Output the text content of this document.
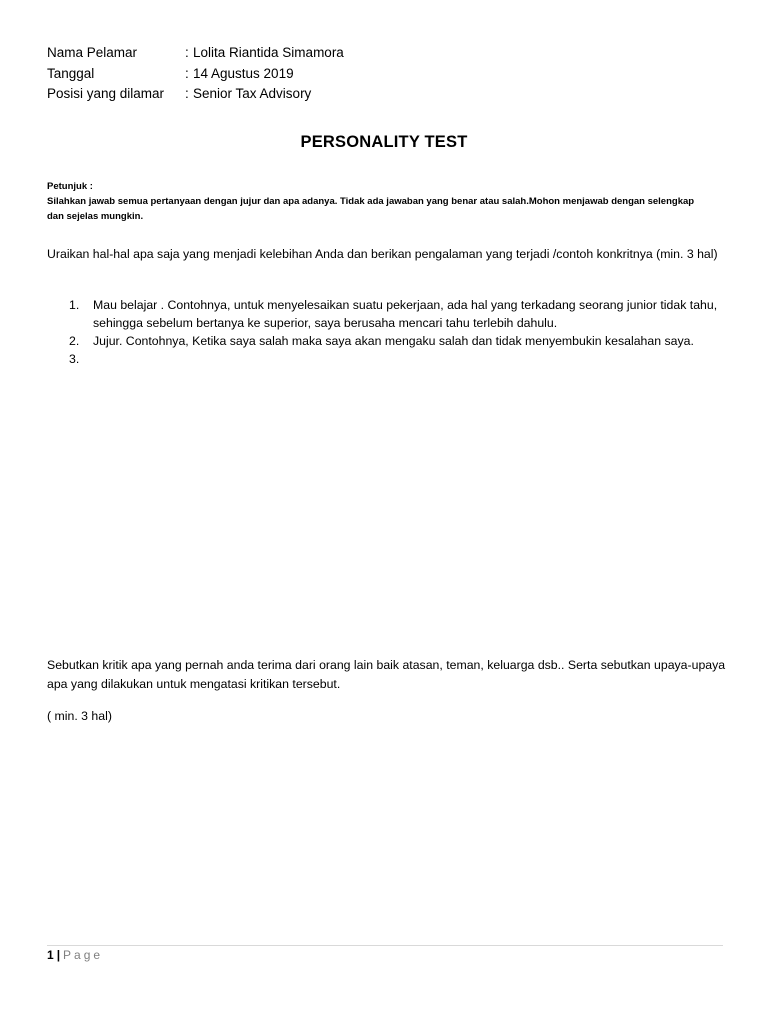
Nama Pelamar	: Lolita Riantida Simamora
Tanggal	: 14 Agustus 2019
Posisi yang dilamar : Senior Tax Advisory
PERSONALITY TEST
Petunjuk :
Silahkan jawab semua pertanyaan dengan jujur dan apa adanya. Tidak ada jawaban yang benar atau salah.Mohon menjawab dengan selengkap dan sejelas mungkin.
Uraikan hal-hal apa saja yang menjadi kelebihan Anda dan berikan pengalaman yang terjadi /contoh konkritnya (min. 3 hal)
1. Mau belajar . Contohnya, untuk menyelesaikan suatu pekerjaan, ada hal yang terkadang seorang junior tidak tahu, sehingga sebelum bertanya ke superior, saya berusaha mencari tahu terlebih dahulu.
2. Jujur. Contohnya, Ketika saya salah maka saya akan mengaku salah dan tidak menyembukin kesalahan saya.
3.
Sebutkan kritik apa yang pernah anda terima dari orang lain baik atasan, teman, keluarga dsb.. Serta sebutkan upaya-upaya apa yang dilakukan untuk mengatasi kritikan tersebut.
( min. 3 hal)
1 | Page
